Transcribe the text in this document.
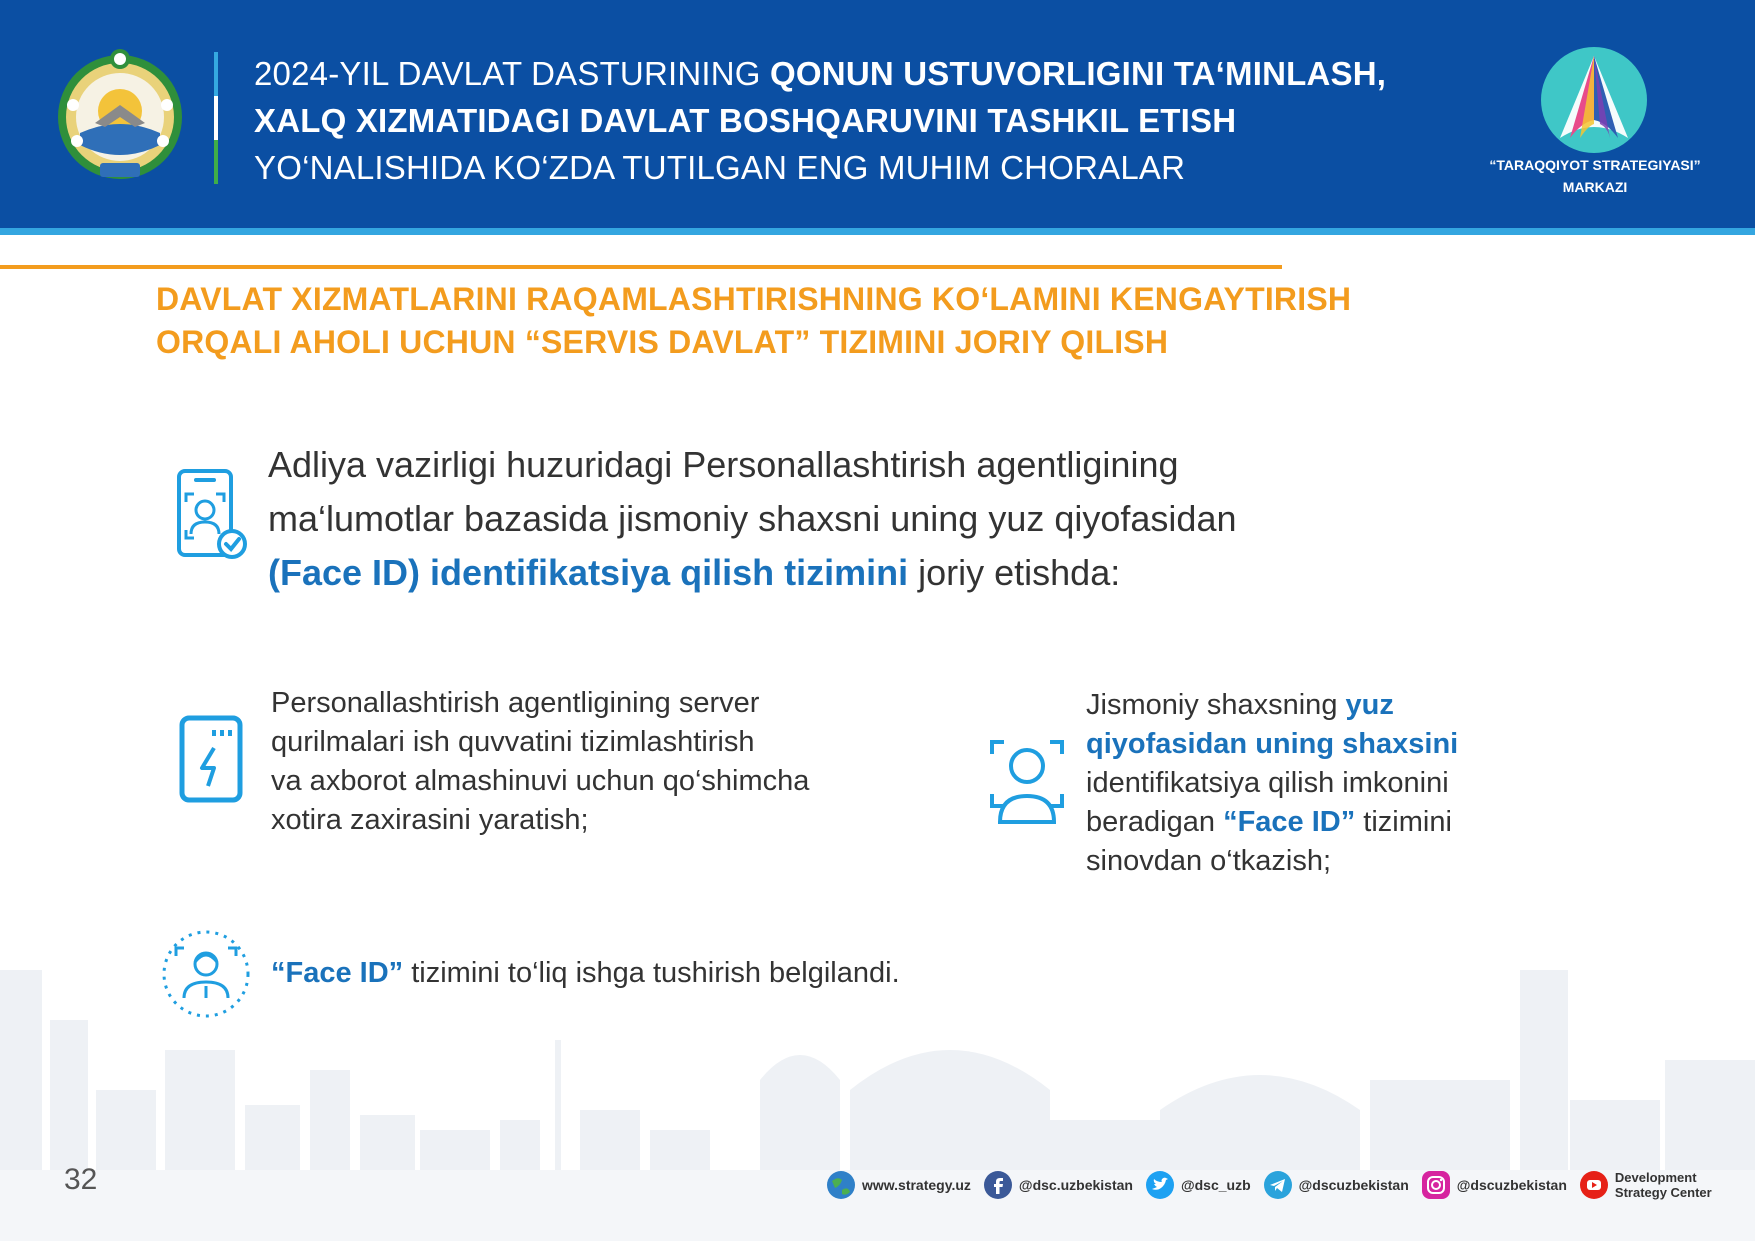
2024-YIL DAVLAT DASTURINING QONUN USTUVORLIGINI TA‘MINLASH,
XALQ XIZMATIDAGI DAVLAT BOSHQARUVINI TASHKIL ETISH
YO‘NALISHIDA KO‘ZDA TUTILGAN ENG MUHIM CHORALAR	“TARAQQIYOT STRATEGIYASI”
MARKAZI
DAVLAT XIZMATLARINI RAQAMLASHTIRISHNING KO‘LAMINI KENGAYTIRISH
ORQALI AHOLI UCHUN “SERVIS DAVLAT” TIZIMINI JORIY QILISH
Adliya vazirligi huzuridagi Personallashtirish agentligining
ma‘lumotlar bazasida jismoniy shaxsni uning yuz qiyofasidan
(Face ID) identifikatsiya qilish tizimini joriy etishda:
Personallashtirish agentligining server
qurilmalari ish quvvatini tizimlashtirish
va axborot almashinuvi uchun qo‘shimcha
xotira zaxirasini yaratish;
Jismoniy shaxsning yuz
qiyofasidan uning shaxsini
identifikatsiya qilish imkonini
beradigan “Face ID” tizimini
sinovdan o‘tkazish;
“Face ID” tizimini to‘liq ishga tushirish belgilandi.
32	www.strategy.uz	@dsc.uzbekistan	@dsc_uzb	@dscuzbekistan	@dscuzbekistan	Development
Strategy Center
